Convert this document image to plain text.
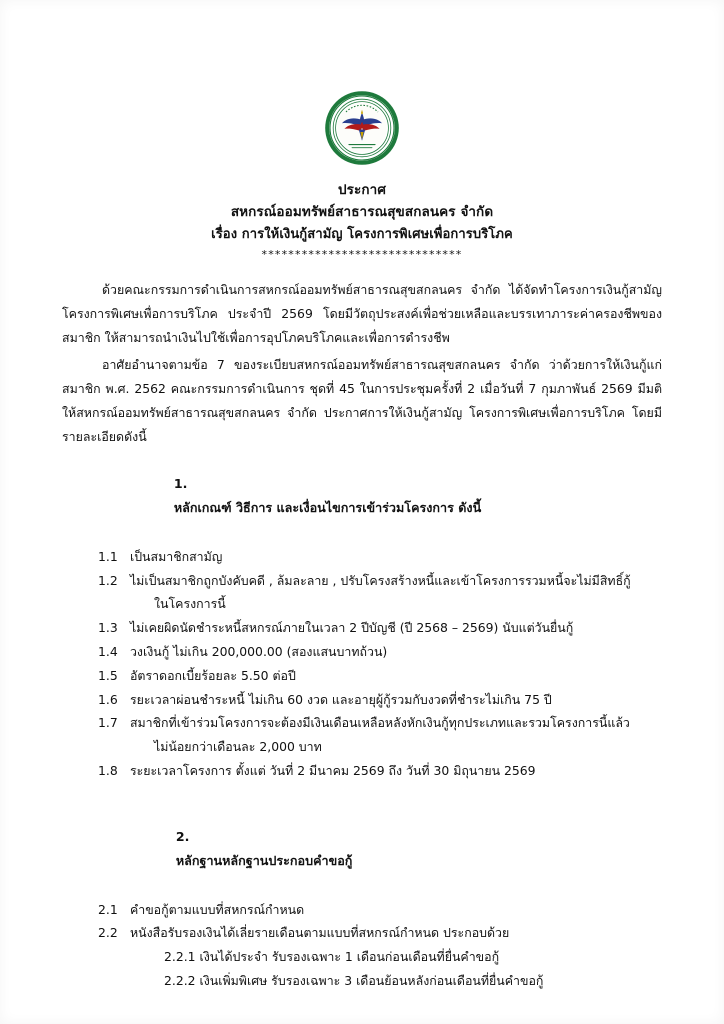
ประกาศ
สหกรณ์ออมทรัพย์สาธารณสุขสกลนคร จำกัด
เรื่อง การให้เงินกู้สามัญ โครงการพิเศษเพื่อการบริโภค
******************************

ด้วยคณะกรรมการดำเนินการสหกรณ์ออมทรัพย์สาธารณสุขสกลนคร จำกัด ได้จัดทำโครงการเงินกู้สามัญ โครงการพิเศษเพื่อการบริโภค ประจำปี 2569 โดยมีวัตถุประสงค์เพื่อช่วยเหลือและบรรเทาภาระค่าครองชีพของสมาชิก ให้สามารถนำเงินไปใช้เพื่อการอุปโภคบริโภคและเพื่อการดำรงชีพ

อาศัยอำนาจตามข้อ 7 ของระเบียบสหกรณ์ออมทรัพย์สาธารณสุขสกลนคร จำกัด ว่าด้วยการให้เงินกู้แก่สมาชิก พ.ศ. 2562 คณะกรรมการดำเนินการ ชุดที่ 45 ในการประชุมครั้งที่ 2 เมื่อวันที่ 7 กุมภาพันธ์ 2569 มีมติให้สหกรณ์ออมทรัพย์สาธารณสุขสกลนคร จำกัด ประกาศการให้เงินกู้สามัญ โครงการพิเศษเพื่อการบริโภค โดยมีรายละเอียดดังนี้

1.
หลักเกณฑ์ วิธีการ และเงื่อนไขการเข้าร่วมโครงการ ดังนี้

1.1 เป็นสมาชิกสามัญ
1.2 ไม่เป็นสมาชิกถูกบังคับคดี , ล้มละลาย , ปรับโครงสร้างหนี้และเข้าโครงการรวมหนี้จะไม่มีสิทธิ์กู้
ในโครงการนี้
1.3 ไม่เคยผิดนัดชำระหนี้สหกรณ์ภายในเวลา 2 ปีบัญชี (ปี 2568 – 2569) นับแต่วันยื่นกู้
1.4 วงเงินกู้ ไม่เกิน 200,000.00 (สองแสนบาทถ้วน)
1.5 อัตราดอกเบี้ยร้อยละ 5.50 ต่อปี
1.6 รยะเวลาผ่อนชำระหนี้ ไม่เกิน 60 งวด และอายุผู้กู้รวมกับงวดที่ชำระไม่เกิน 75 ปี
1.7 สมาชิกที่เข้าร่วมโครงการจะต้องมีเงินเดือนเหลือหลังหักเงินกู้ทุกประเภทและรวมโครงการนี้แล้ว
ไม่น้อยกว่าเดือนละ 2,000 บาท
1.8 ระยะเวลาโครงการ ตั้งแต่ วันที่ 2 มีนาคม 2569 ถึง วันที่ 30 มิถุนายน 2569

2.
หลักฐานหลักฐานประกอบคำขอกู้

2.1 คำขอกู้ตามแบบที่สหกรณ์กำหนด
2.2 หนังสือรับรองเงินได้เลี่ยรายเดือนตามแบบที่สหกรณ์กำหนด ประกอบด้วย
2.2.1 เงินได้ประจำ รับรองเฉพาะ 1 เดือนก่อนเดือนที่ยื่นคำขอกู้
2.2.2 เงินเพิ่มพิเศษ รับรองเฉพาะ 3 เดือนย้อนหลังก่อนเดือนที่ยื่นคำขอกู้
